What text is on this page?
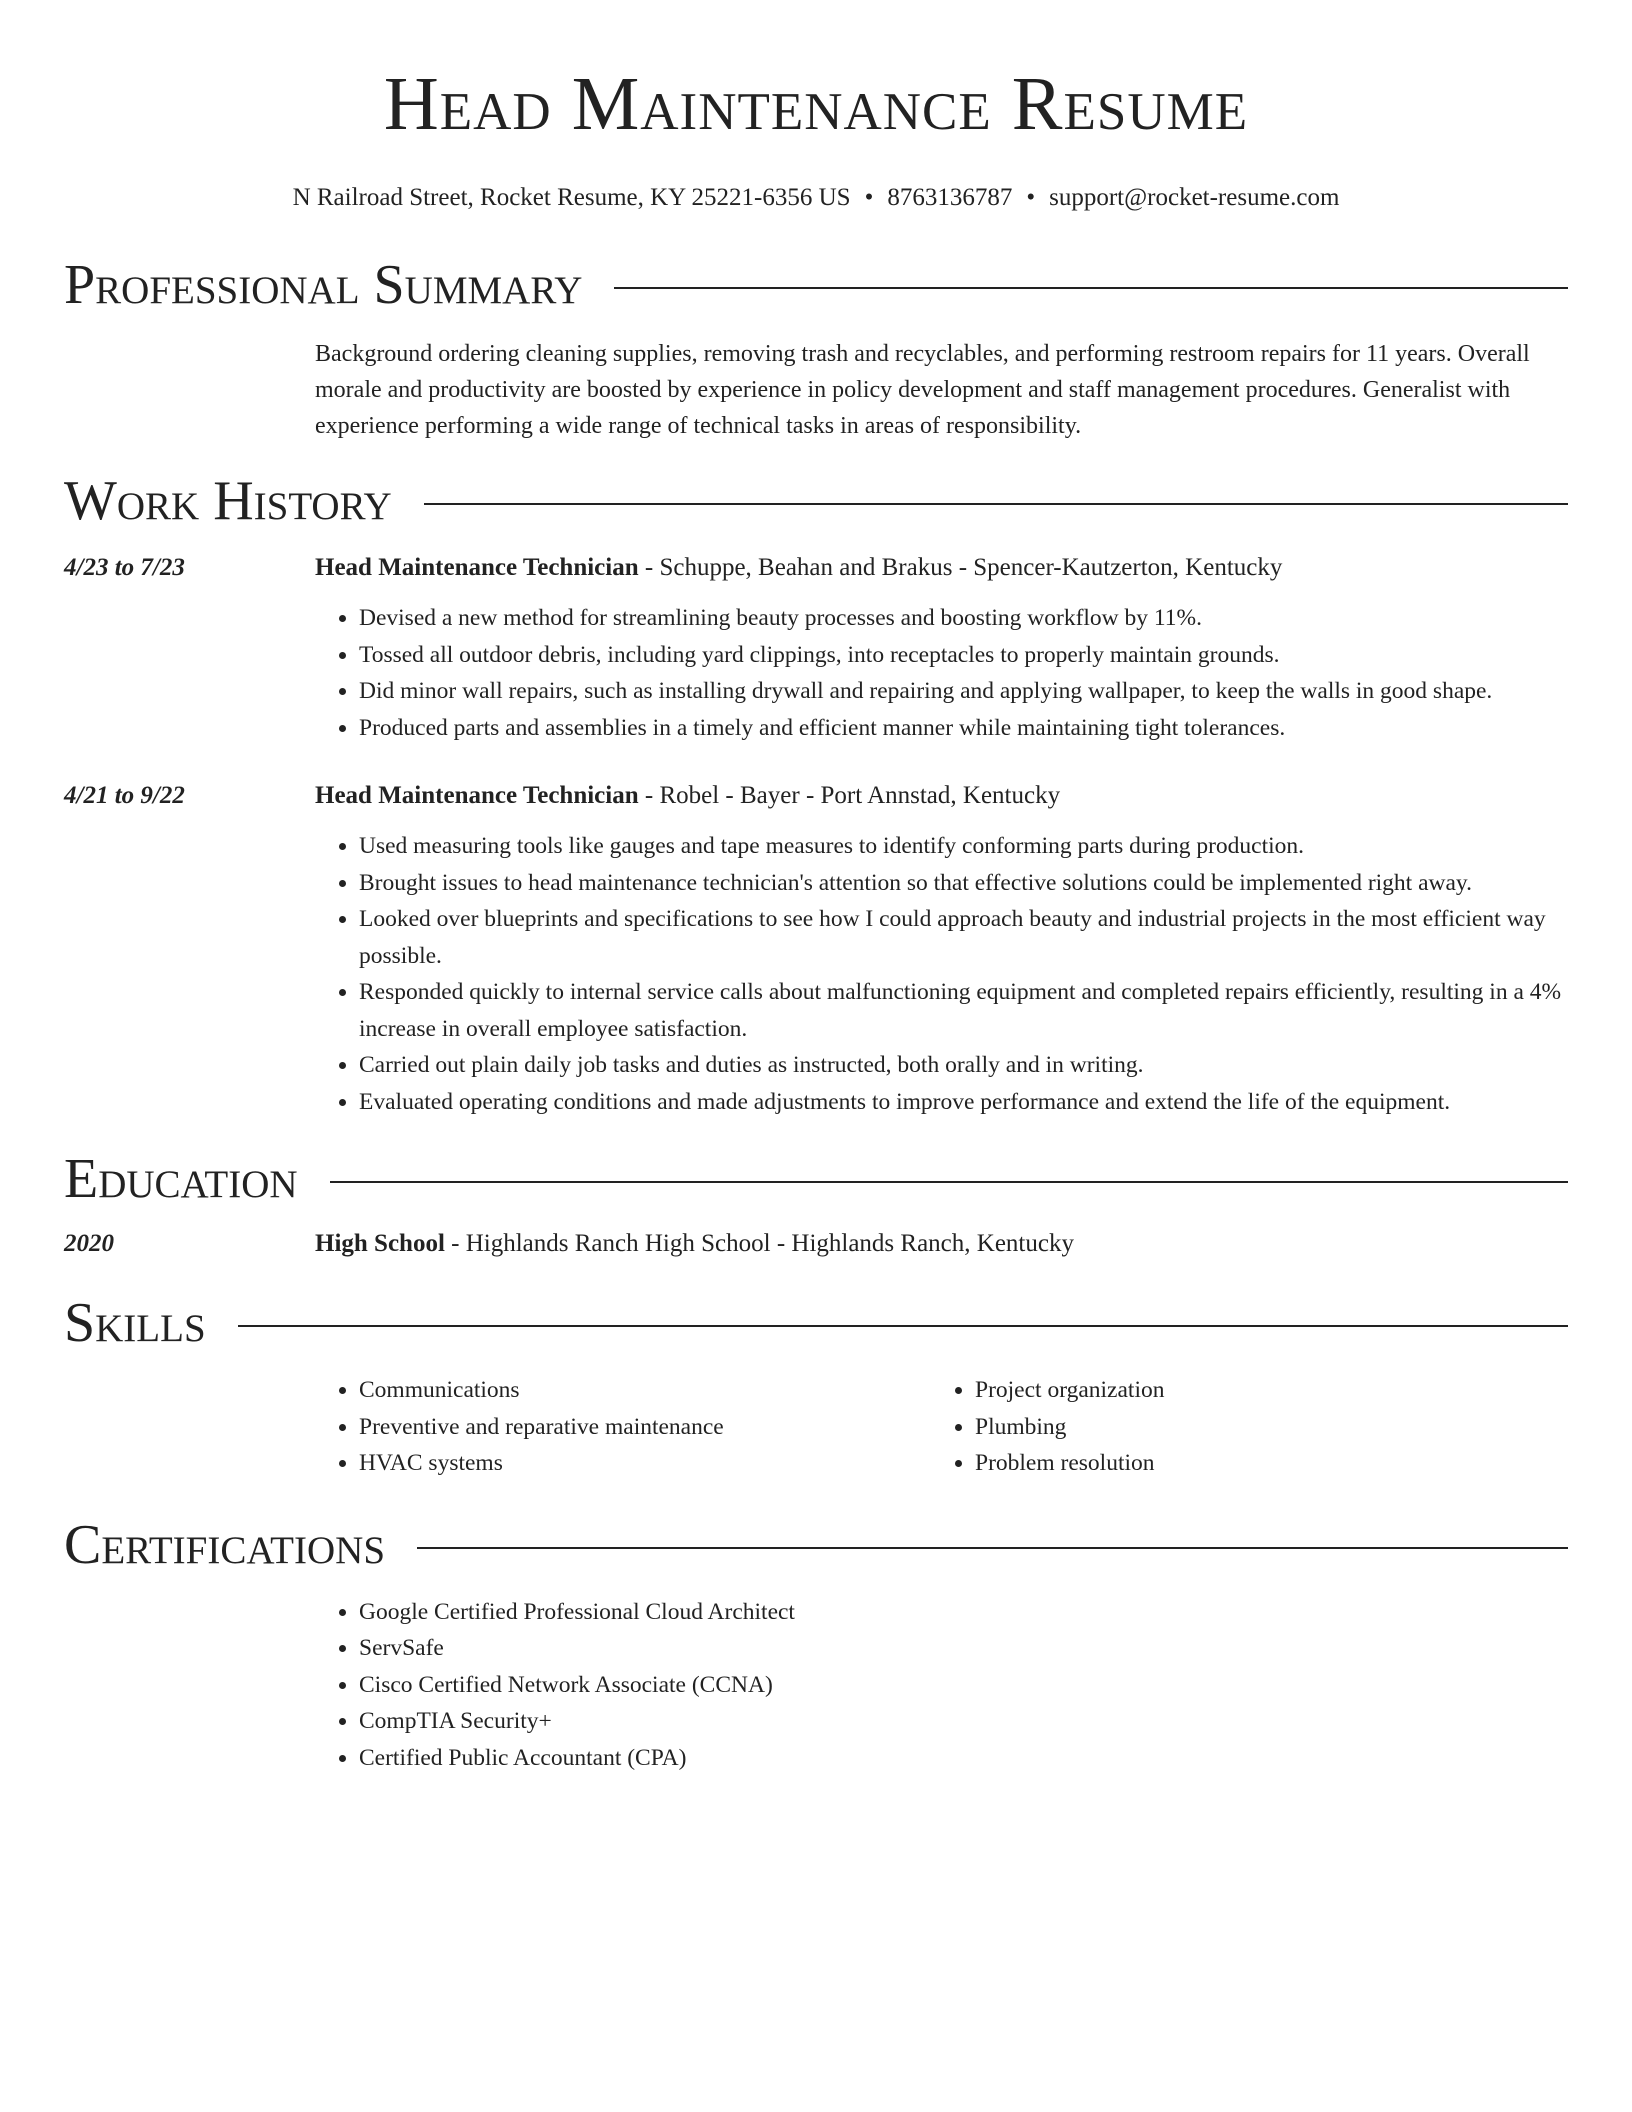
Head Maintenance Resume
N Railroad Street, Rocket Resume, KY 25221-6356 US • 8763136787 • support@rocket-resume.com
Professional Summary
Background ordering cleaning supplies, removing trash and recyclables, and performing restroom repairs for 11 years. Overall morale and productivity are boosted by experience in policy development and staff management procedures. Generalist with experience performing a wide range of technical tasks in areas of responsibility.
Work History
4/23 to 7/23	Head Maintenance Technician - Schuppe, Beahan and Brakus - Spencer-Kautzerton, Kentucky
• Devised a new method for streamlining beauty processes and boosting workflow by 11%.
• Tossed all outdoor debris, including yard clippings, into receptacles to properly maintain grounds.
• Did minor wall repairs, such as installing drywall and repairing and applying wallpaper, to keep the walls in good shape.
• Produced parts and assemblies in a timely and efficient manner while maintaining tight tolerances.
4/21 to 9/22	Head Maintenance Technician - Robel - Bayer - Port Annstad, Kentucky
• Used measuring tools like gauges and tape measures to identify conforming parts during production.
• Brought issues to head maintenance technician's attention so that effective solutions could be implemented right away.
• Looked over blueprints and specifications to see how I could approach beauty and industrial projects in the most efficient way possible.
• Responded quickly to internal service calls about malfunctioning equipment and completed repairs efficiently, resulting in a 4% increase in overall employee satisfaction.
• Carried out plain daily job tasks and duties as instructed, both orally and in writing.
• Evaluated operating conditions and made adjustments to improve performance and extend the life of the equipment.
Education
2020	High School - Highlands Ranch High School - Highlands Ranch, Kentucky
Skills
• Communications
• Preventive and reparative maintenance
• HVAC systems
• Project organization
• Plumbing
• Problem resolution
Certifications
• Google Certified Professional Cloud Architect
• ServSafe
• Cisco Certified Network Associate (CCNA)
• CompTIA Security+
• Certified Public Accountant (CPA)
